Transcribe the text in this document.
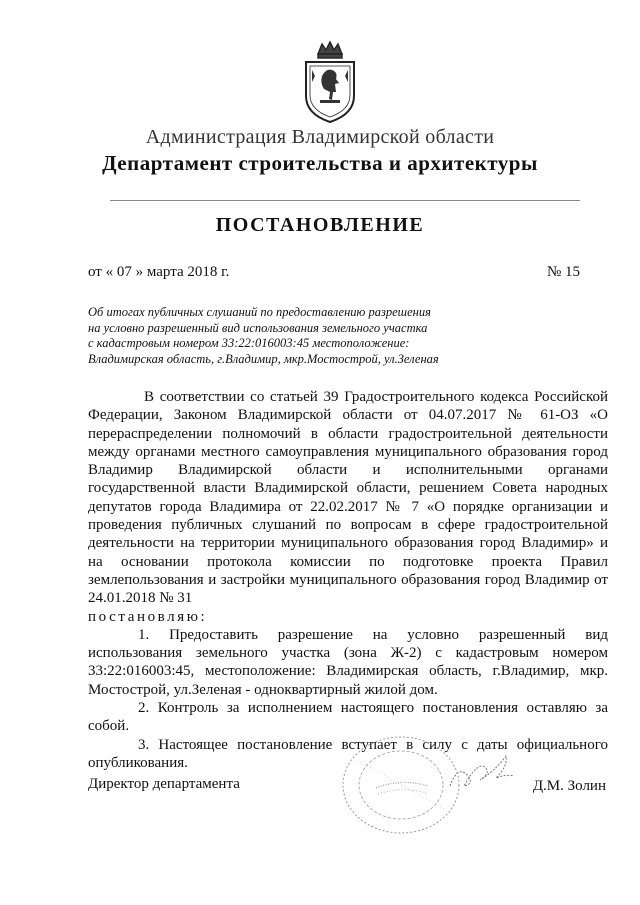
Администрация Владимирской области
Департамент строительства и архитектуры
ПОСТАНОВЛЕНИЕ
от « 07 » марта 2018 г.	№ 15
Об итогах публичных слушаний по предоставлению разрешения
на условно разрешенный вид использования земельного участка
с кадастровым номером 33:22:016003:45 местоположение:
Владимирская область, г.Владимир, мкр.Мостострой, ул.Зеленая

В соответствии со статьей 39 Градостроительного кодекса Российской Федерации, Законом Владимирской области от 04.07.2017 № 61-ОЗ «О перераспределении полномочий в области градостроительной деятельности между органами местного самоуправления муниципального образования город Владимир Владимирской области и исполнительными органами государственной власти Владимирской области, решением Совета народных депутатов города Владимира от 22.02.2017 № 7 «О порядке организации и проведения публичных слушаний по вопросам в сфере градостроительной деятельности на территории муниципального образования город Владимир» и на основании протокола комиссии по подготовке проекта Правил землепользования и застройки муниципального образования город Владимир от 24.01.2018 № 31

постановляю:

1. Предоставить разрешение на условно разрешенный вид использования земельного участка (зона Ж-2) с кадастровым номером 33:22:016003:45, местоположение: Владимирская область, г.Владимир, мкр. Мостострой, ул.Зеленая - одноквартирный жилой дом.

2. Контроль за исполнением настоящего постановления оставляю за собой.

3. Настоящее постановление вступает в силу с даты официального опубликования.

Директор департамента	Д.М. Золин
